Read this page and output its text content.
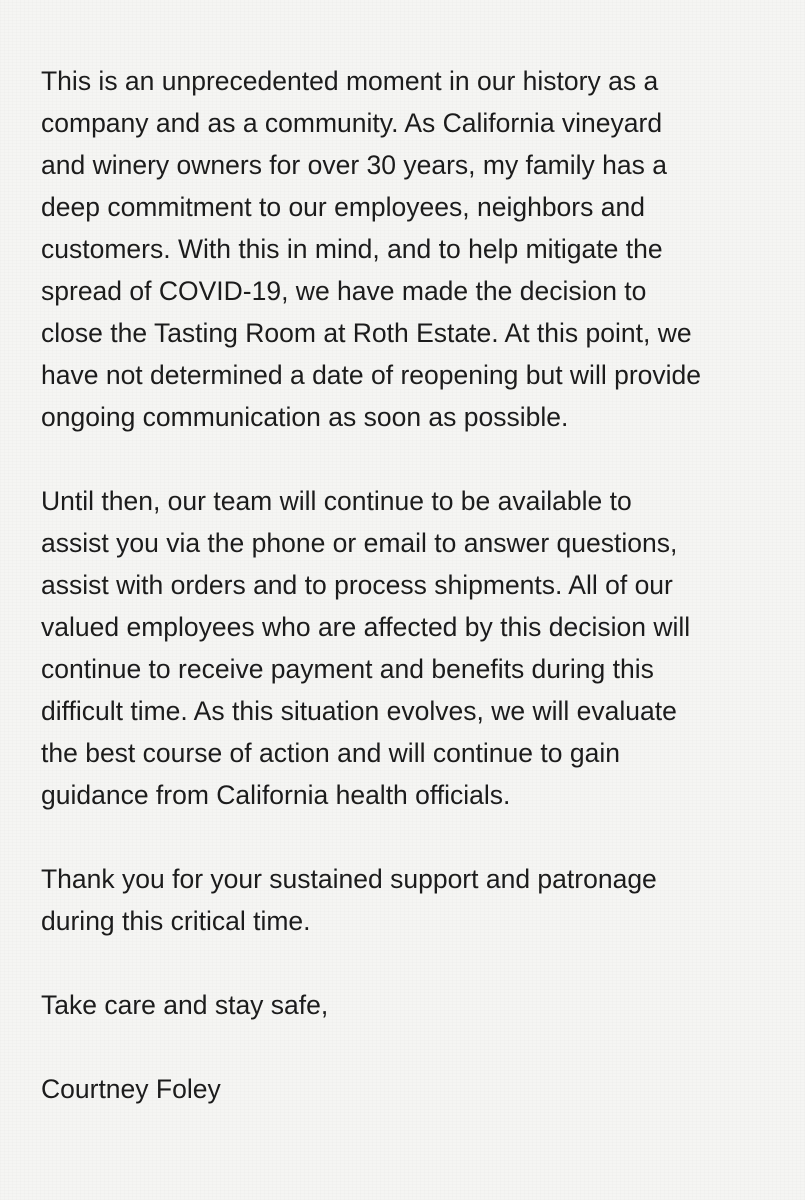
This is an unprecedented moment in our history as a
company and as a community. As California vineyard
and winery owners for over 30 years, my family has a
deep commitment to our employees, neighbors and
customers. With this in mind, and to help mitigate the
spread of COVID-19, we have made the decision to
close the Tasting Room at Roth Estate. At this point, we
have not determined a date of reopening but will provide
ongoing communication as soon as possible.

Until then, our team will continue to be available to
assist you via the phone or email to answer questions,
assist with orders and to process shipments. All of our
valued employees who are affected by this decision will
continue to receive payment and benefits during this
difficult time. As this situation evolves, we will evaluate
the best course of action and will continue to gain
guidance from California health officials.

Thank you for your sustained support and patronage
during this critical time.

Take care and stay safe,

Courtney Foley
